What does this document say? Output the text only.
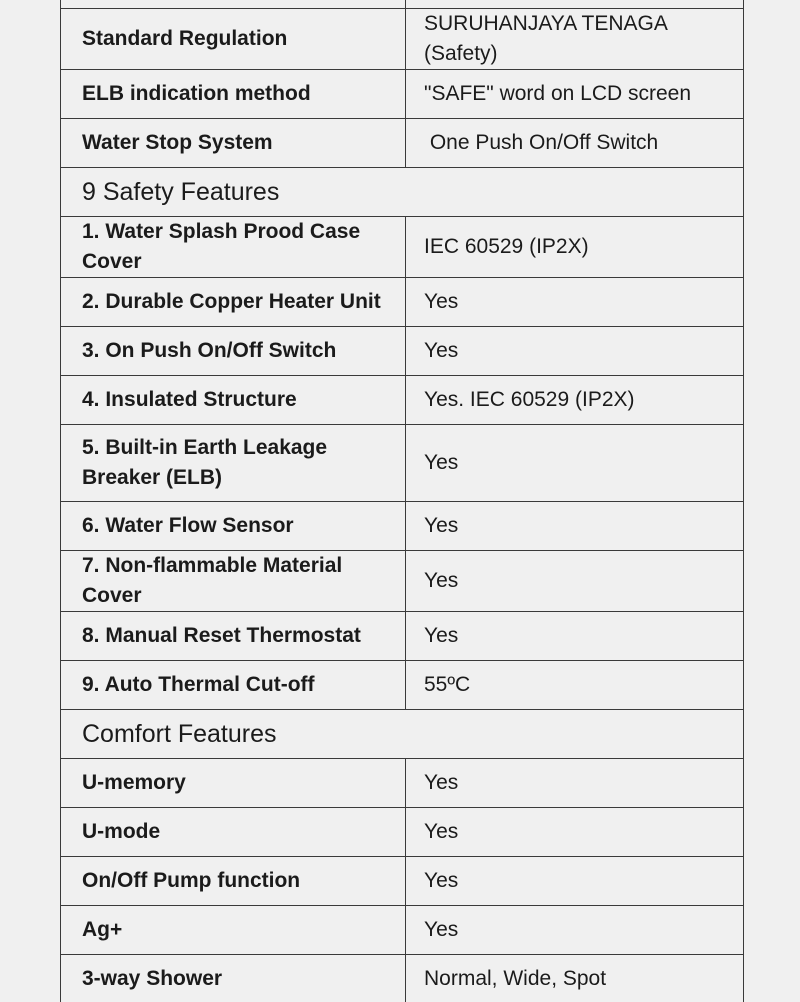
Standard Regulation	SURUHANJAYA TENAGA (Safety)
ELB indication method	"SAFE" word on LCD screen
Water Stop System	One Push On/Off Switch
9 Safety Features	
1. Water Splash Prood Case Cover	IEC 60529 (IP2X)
2. Durable Copper Heater Unit	Yes
3. On Push On/Off Switch	Yes
4. Insulated Structure	Yes. IEC 60529 (IP2X)
5. Built-in Earth Leakage Breaker (ELB)	Yes
6. Water Flow Sensor	Yes
7. Non-flammable Material Cover	Yes
8. Manual Reset Thermostat	Yes
9. Auto Thermal Cut-off	55ºC
Comfort Features	
U-memory	Yes
U-mode	Yes
On/Off Pump function	Yes
Ag+	Yes
3-way Shower	Normal, Wide, Spot
